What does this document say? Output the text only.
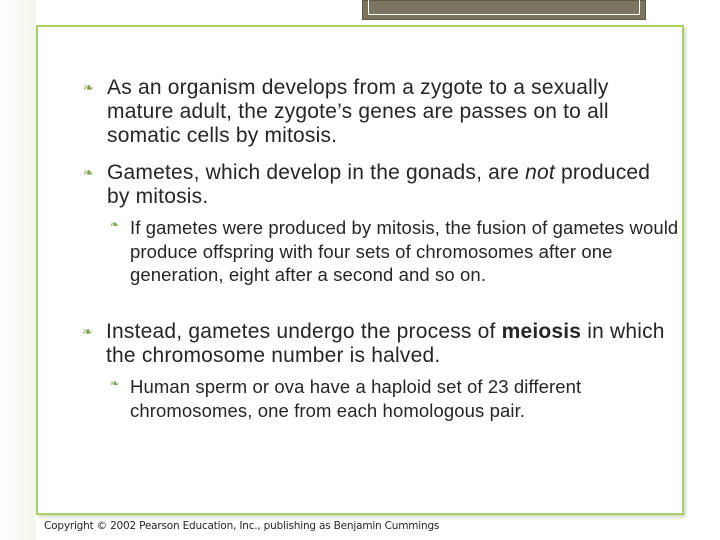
❧ As an organism develops from a zygote to a sexually mature adult, the zygote’s genes are passes on to all somatic cells by mitosis.
❧ Gametes, which develop in the gonads, are not produced by mitosis.
❧ If gametes were produced by mitosis, the fusion of gametes would produce offspring with four sets of chromosomes after one generation, eight after a second and so on.
❧ Instead, gametes undergo the process of meiosis in which the chromosome number is halved.
❧ Human sperm or ova have a haploid set of 23 different chromosomes, one from each homologous pair.
Copyright © 2002 Pearson Education, Inc., publishing as Benjamin Cummings
